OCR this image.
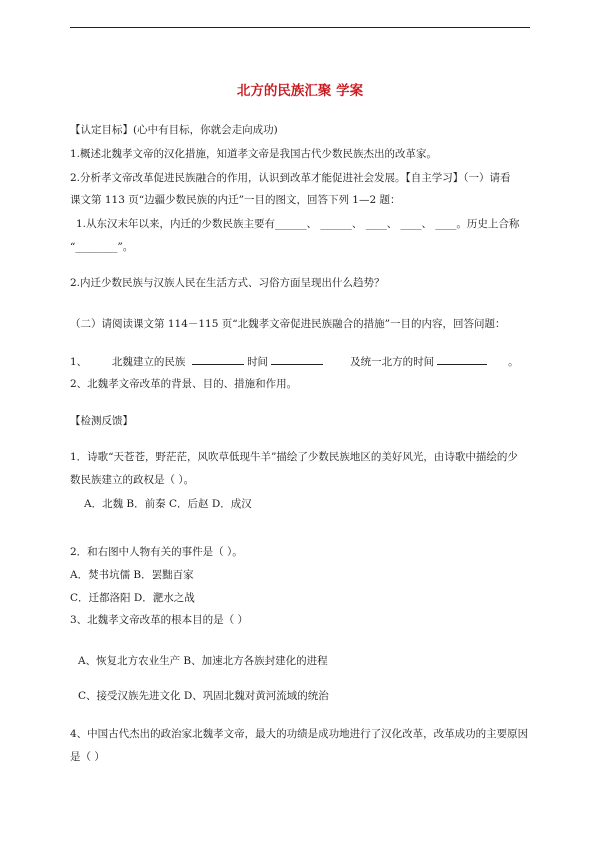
北方的民族汇聚 学案
【认定目标】(心中有目标，你就会走向成功)
1.概述北魏孝文帝的汉化措施，知道孝文帝是我国古代少数民族杰出的改革家。
2.分析孝文帝改革促进民族融合的作用，认识到改革才能促进社会发展。【自主学习】（一）请看
课文第 113 页“边疆少数民族的内迁”一目的图文，回答下列 1—2 题：
1.从东汉末年以来，内迁的少数民族主要有______、 ______、 ____、 ____、 ____。历史上合称
“________”。
2.内迁少数民族与汉族人民在生活方式、习俗方面呈现出什么趋势？
（二）请阅读课文第 114－115 页“北魏孝文帝促进民族融合的措施”一目的内容，回答问题：
1、 北魏建立的民族	时间	及统一北方的时间	。
2、北魏孝文帝改革的背景、目的、措施和作用。
【检测反馈】
1．诗歌“天苍苍，野茫茫，风吹草低现牛羊”描绘了少数民族地区的美好风光，由诗歌中描绘的少
数民族建立的政权是（ ）。
A．北魏 B．前秦 C．后赵 D．成汉
2．和右图中人物有关的事件是（ ）。
A．焚书坑儒 B．罢黜百家
C．迁都洛阳 D．淝水之战
3、北魏孝文帝改革的根本目的是（ ）
A、恢复北方农业生产 B、加速北方各族封建化的进程
C、接受汉族先进文化 D、巩固北魏对黄河流域的统治
4、中国古代杰出的政治家北魏孝文帝，最大的功绩是成功地进行了汉化改革，改革成功的主要原因
是（ ）
